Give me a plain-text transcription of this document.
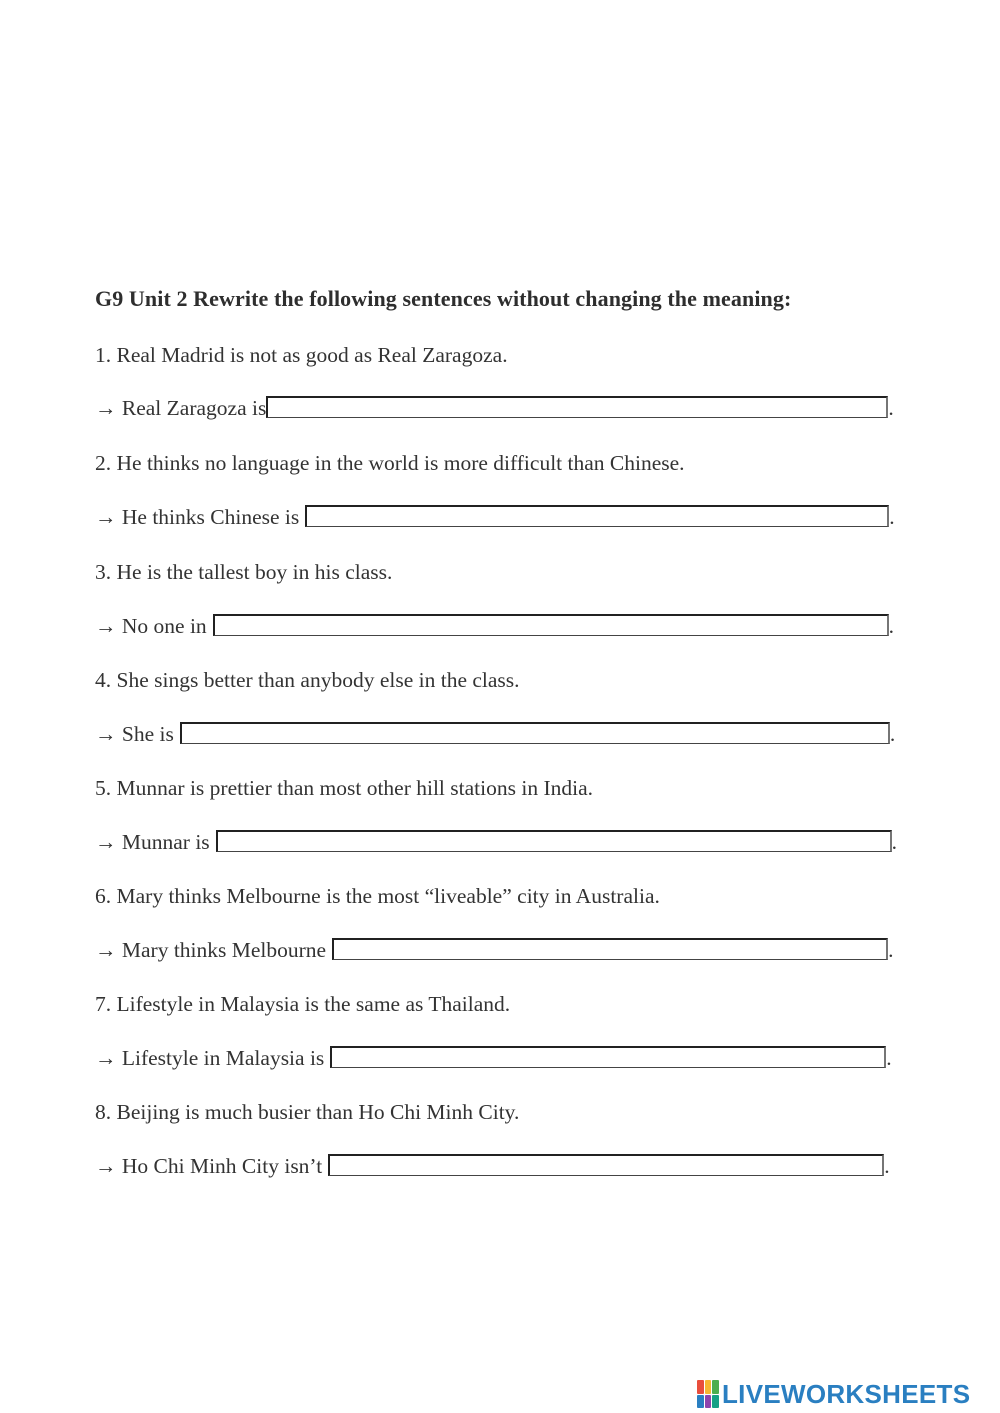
G9 Unit 2 Rewrite the following sentences without changing the meaning:
1. Real Madrid is not as good as Real Zaragoza.
→ Real Zaragoza is	.
2. He thinks no language in the world is more difficult than Chinese.
→ He thinks Chinese is	.
3. He is the tallest boy in his class.
→ No one in	.
4. She sings better than anybody else in the class.
→ She is	.
5. Munnar is prettier than most other hill stations in India.
→ Munnar is	.
6. Mary thinks Melbourne is the most “liveable” city in Australia.
→ Mary thinks Melbourne	.
7. Lifestyle in Malaysia is the same as Thailand.
→ Lifestyle in Malaysia is	.
8. Beijing is much busier than Ho Chi Minh City.
→ Ho Chi Minh City isn’t	.
LIVEWORKSHEETS
